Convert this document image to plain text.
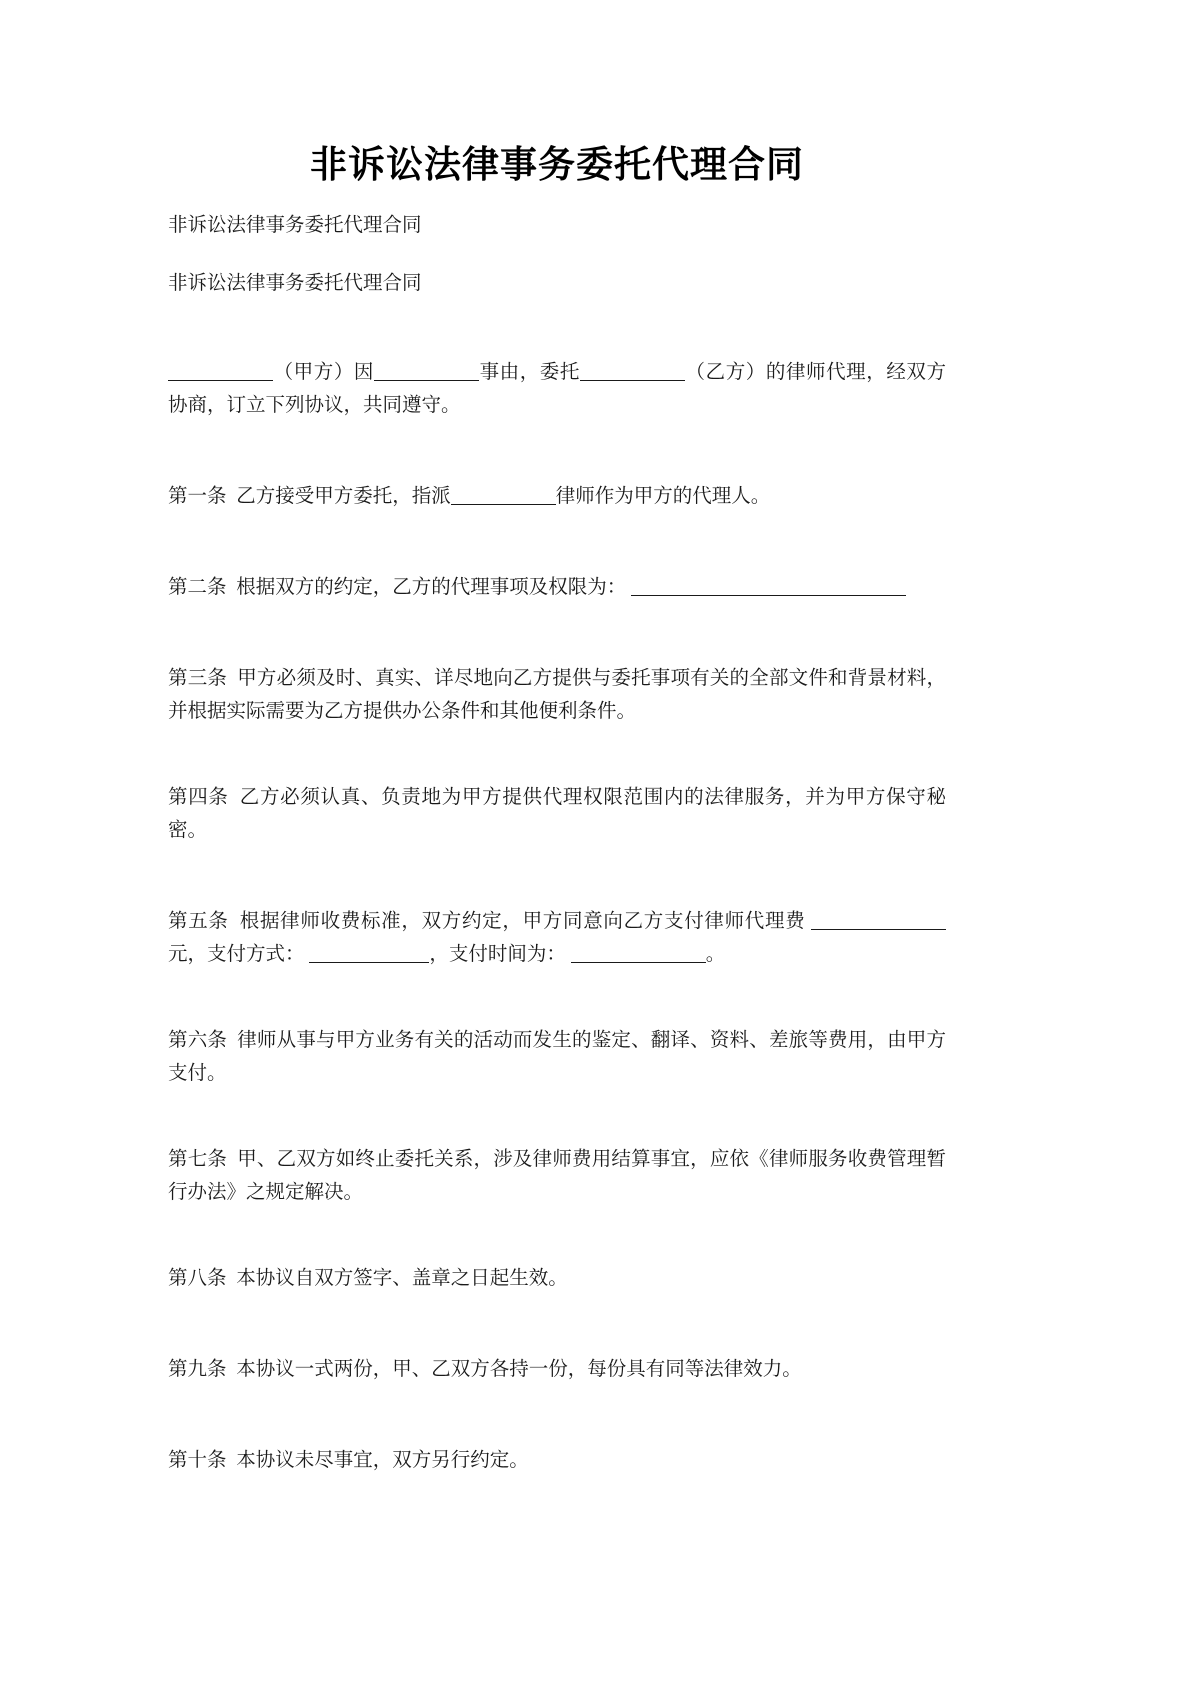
非诉讼法律事务委托代理合同

非诉讼法律事务委托代理合同

非诉讼法律事务委托代理合同

（甲方）因	事由，委托	（乙方）的律师代理，经双方协商，订立下列协议，共同遵守。

第一条 乙方接受甲方委托，指派	律师作为甲方的代理人。

第二条 根据双方的约定，乙方的代理事项及权限为：

第三条 甲方必须及时、真实、详尽地向乙方提供与委托事项有关的全部文件和背景材料，并根据实际需要为乙方提供办公条件和其他便利条件。

第四条 乙方必须认真、负责地为甲方提供代理权限范围内的法律服务，并为甲方保守秘密。

第五条 根据律师收费标准，双方约定，甲方同意向乙方支付律师代理费 元，支付方式：	，支付时间为：	。

第六条 律师从事与甲方业务有关的活动而发生的鉴定、翻译、资料、差旅等费用，由甲方支付。

第七条 甲、乙双方如终止委托关系，涉及律师费用结算事宜，应依《律师服务收费管理暂行办法》之规定解决。

第八条 本协议自双方签字、盖章之日起生效。

第九条 本协议一式两份，甲、乙双方各持一份，每份具有同等法律效力。

第十条 本协议未尽事宜，双方另行约定。
